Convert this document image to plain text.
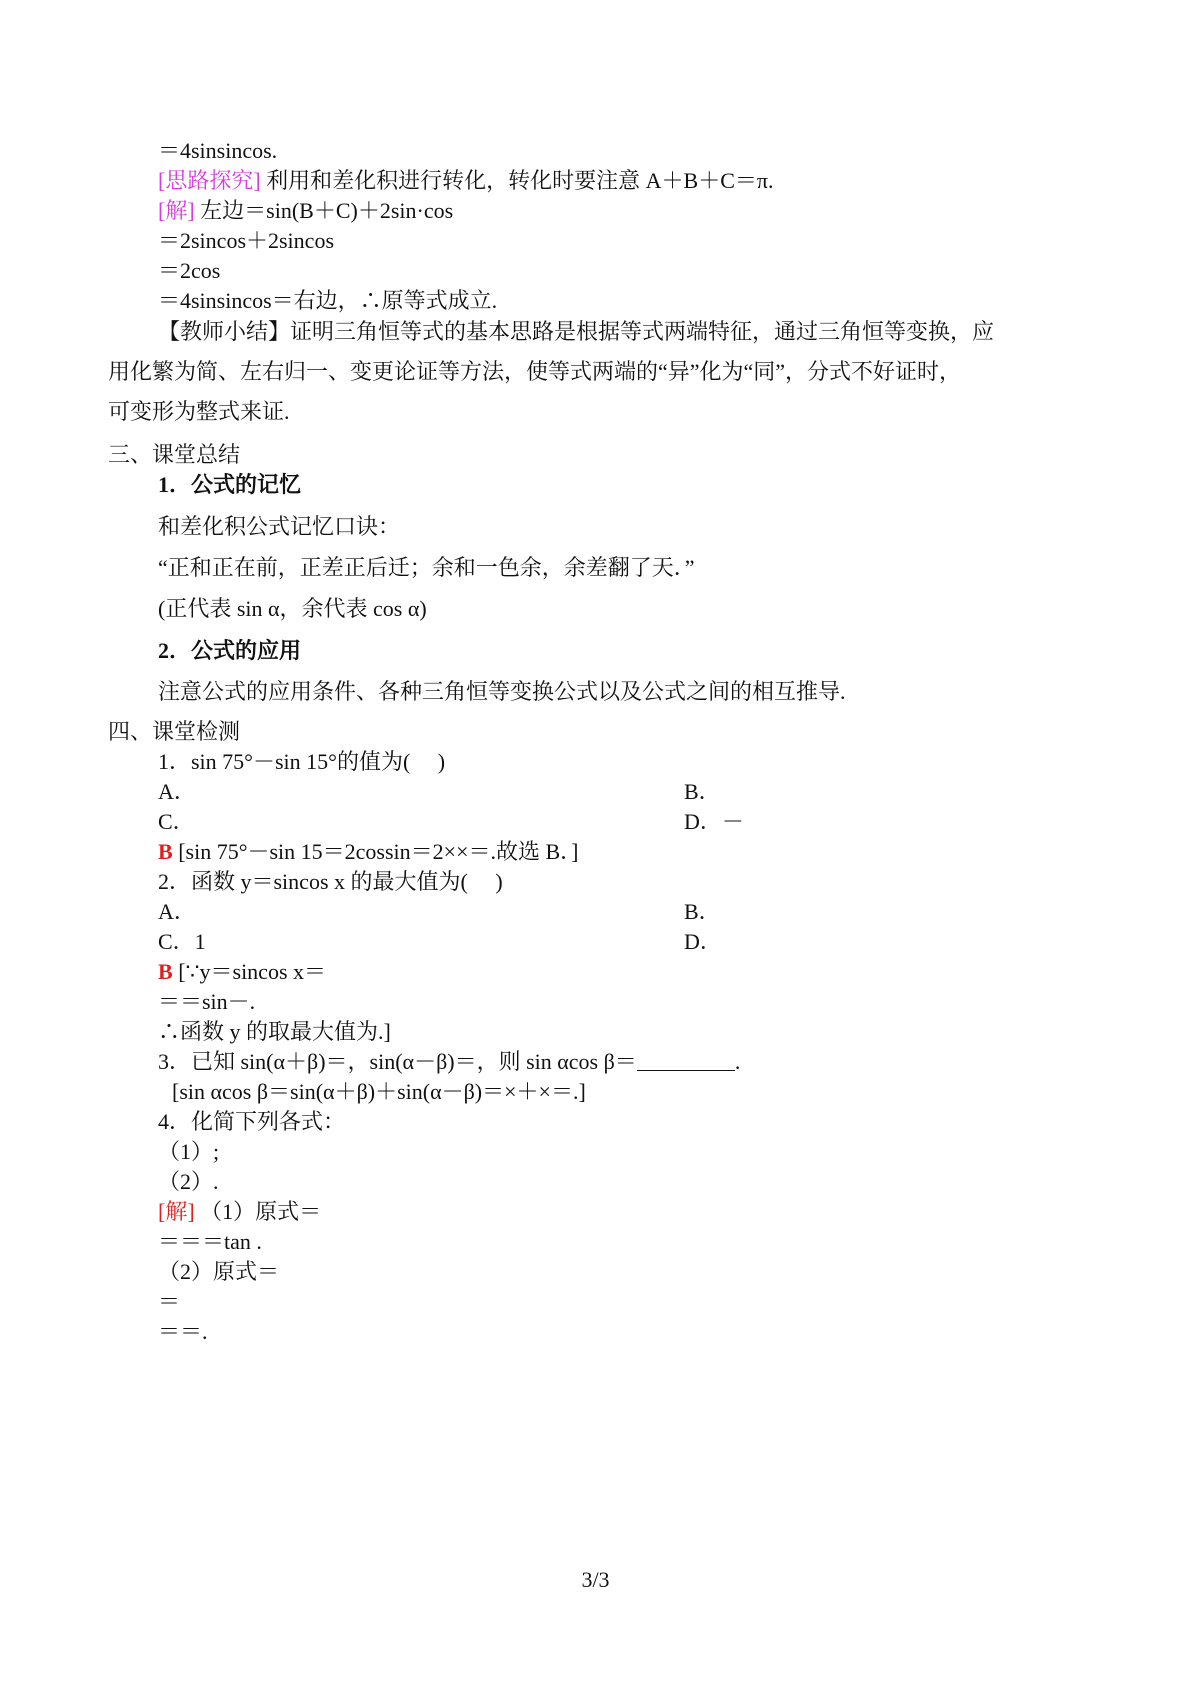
＝4sinsincos.
[思路探究] 利用和差化积进行转化，转化时要注意 A＋B＋C＝π.
[解] 左边＝sin(B＋C)＋2sin·cos
＝2sincos＋2sincos
＝2cos
＝4sinsincos＝右边，∴原等式成立.
【教师小结】证明三角恒等式的基本思路是根据等式两端特征，通过三角恒等变换，应
用化繁为简、左右归一、变更论证等方法，使等式两端的“异”化为“同”，分式不好证时，
可变形为整式来证.
三、课堂总结
1．公式的记忆
和差化积公式记忆口诀：
“正和正在前，正差正后迁；余和一色余，余差翻了天．”
(正代表 sin α，余代表 cos α)
2．公式的应用
注意公式的应用条件、各种三角恒等变换公式以及公式之间的相互推导.
四、课堂检测
1．sin 75°－sin 15°的值为(　 )
A．	B．
C．	D．－
B [sin 75°－sin 15＝2cossin＝2××＝.故选 B．]
2．函数 y＝sincos x 的最大值为(　 )
A．	B．
C．1	D．
B [∵y＝sincos x＝
＝＝sin－.
∴函数 y 的取最大值为.]
3．已知 sin(α＋β)＝，sin(α－β)＝，则 sin αcos β＝	.
[sin αcos β＝sin(α＋β)＋sin(α－β)＝×＋×＝.]
4．化简下列各式：
（1）;
（2）.
[解] （1）原式＝
＝＝＝tan .
（2）原式＝
＝
＝＝.
3/3
